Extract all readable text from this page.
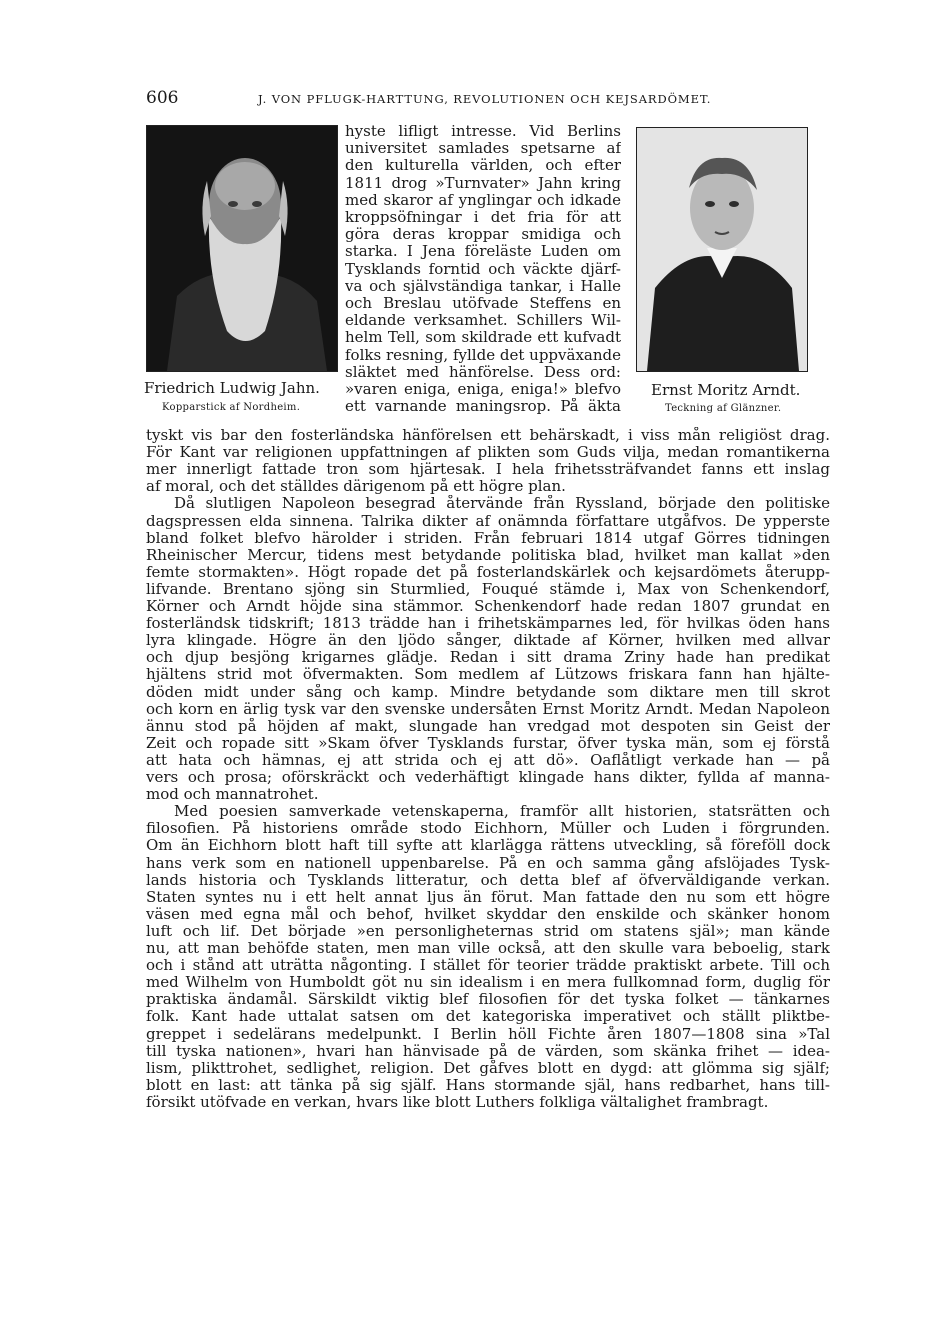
606	J. VON PFLUGK-HARTTUNG, REVOLUTIONEN OCH KEJSARDÖMET.
Friedrich Ludwig Jahn.
Kopparstick af Nordheim.
Ernst Moritz Arndt.
Teckning af Glänzner.
hyste lifligt intresse. Vid Berlins
universitet samlades spetsarne af
den kulturella världen, och efter
1811 drog »Turnvater» Jahn kring
med skaror af ynglingar och idkade
kroppsöfningar i det fria för att
göra deras kroppar smidiga och
starka. I Jena föreläste Luden om
Tysklands forntid och väckte djärf-
va och självständiga tankar, i Halle
och Breslau utöfvade Steffens en
eldande verksamhet. Schillers Wil-
helm Tell, som skildrade ett kufvadt
folks resning, fyllde det uppväxande
släktet med hänförelse. Dess ord:
»varen eniga, eniga, eniga!» blefvo
ett varnande maningsrop. På äkta
tyskt vis bar den fosterländska hänförelsen ett behärskadt, i viss mån religiöst drag.
För Kant var religionen uppfattningen af plikten som Guds vilja, medan romantikerna
mer innerligt fattade tron som hjärtesak. I hela frihetssträfvandet fanns ett inslag
af moral, och det ställdes därigenom på ett högre plan.
Då slutligen Napoleon besegrad återvände från Ryssland, började den politiske
dagspressen elda sinnena. Talrika dikter af onämnda författare utgåfvos. De ypperste
bland folket blefvo härolder i striden. Från februari 1814 utgaf Görres tidningen
Rheinischer Mercur, tidens mest betydande politiska blad, hvilket man kallat »den
femte stormakten». Högt ropade det på fosterlandskärlek och kejsardömets återupp-
lifvande. Brentano sjöng sin Sturmlied, Fouqué stämde i, Max von Schenkendorf,
Körner och Arndt höjde sina stämmor. Schenkendorf hade redan 1807 grundat en
fosterländsk tidskrift; 1813 trädde han i frihetskämparnes led, för hvilkas öden hans
lyra klingade. Högre än den ljödo sånger, diktade af Körner, hvilken med allvar
och djup besjöng krigarnes glädje. Redan i sitt drama Zriny hade han predikat
hjältens strid mot öfvermakten. Som medlem af Lützows friskara fann han hjälte-
döden midt under sång och kamp. Mindre betydande som diktare men till skrot
och korn en ärlig tysk var den svenske undersåten Ernst Moritz Arndt. Medan Napoleon
ännu stod på höjden af makt, slungade han vredgad mot despoten sin Geist der
Zeit och ropade sitt »Skam öfver Tysklands furstar, öfver tyska män, som ej förstå
att hata och hämnas, ej att strida och ej att dö». Oaflåtligt verkade han — på
vers och prosa; oförskräckt och vederhäftigt klingade hans dikter, fyllda af manna-
mod och mannatrohet.
Med poesien samverkade vetenskaperna, framför allt historien, statsrätten och
filosofien. På historiens område stodo Eichhorn, Müller och Luden i förgrunden.
Om än Eichhorn blott haft till syfte att klarlägga rättens utveckling, så föreföll dock
hans verk som en nationell uppenbarelse. På en och samma gång afslöjades Tysk-
lands historia och Tysklands litteratur, och detta blef af öfverväldigande verkan.
Staten syntes nu i ett helt annat ljus än förut. Man fattade den nu som ett högre
väsen med egna mål och behof, hvilket skyddar den enskilde och skänker honom
luft och lif. Det började »en personligheternas strid om statens själ»; man kände
nu, att man behöfde staten, men man ville också, att den skulle vara beboelig, stark
och i stånd att uträtta någonting. I stället för teorier trädde praktiskt arbete. Till och
med Wilhelm von Humboldt göt nu sin idealism i en mera fullkomnad form, duglig för
praktiska ändamål. Särskildt viktig blef filosofien för det tyska folket — tänkarnes
folk. Kant hade uttalat satsen om det kategoriska imperativet och ställt pliktbe-
greppet i sedelärans medelpunkt. I Berlin höll Fichte åren 1807—1808 sina »Tal
till tyska nationen», hvari han hänvisade på de värden, som skänka frihet — idea-
lism, plikttrohet, sedlighet, religion. Det gåfves blott en dygd: att glömma sig själf;
blott en last: att tänka på sig själf. Hans stormande själ, hans redbarhet, hans till-
försikt utöfvade en verkan, hvars like blott Luthers folkliga vältalighet frambragt.
